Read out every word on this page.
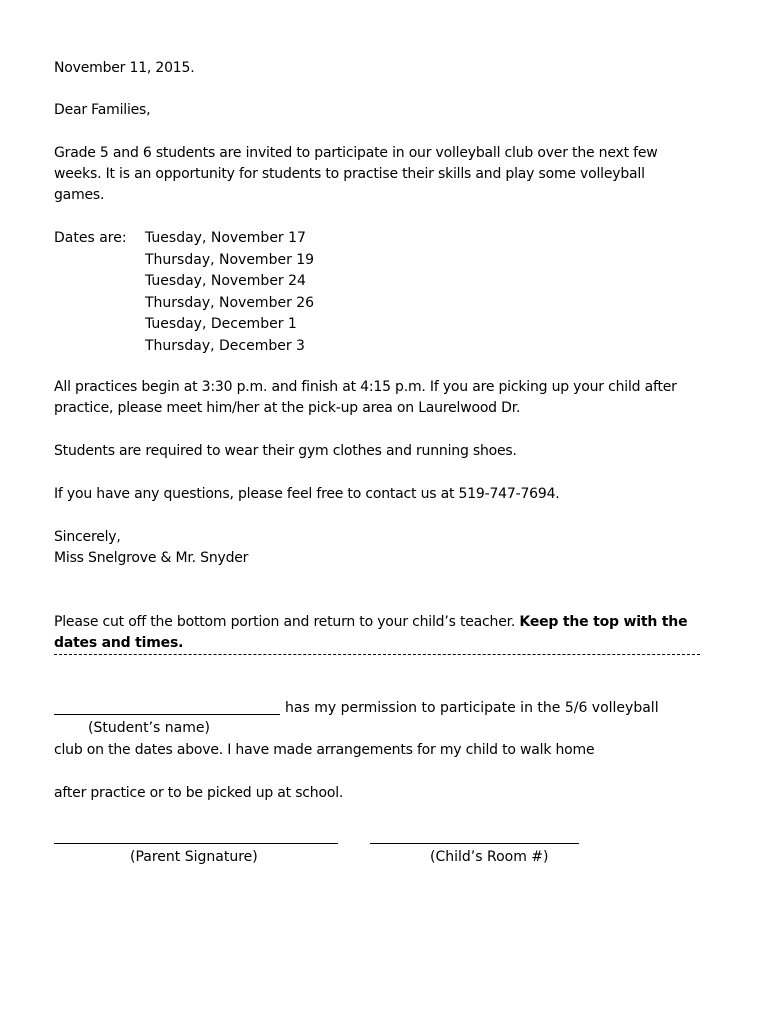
November 11, 2015.
Dear Families,
Grade 5 and 6 students are invited to participate in our volleyball club over the next few
weeks. It is an opportunity for students to practise their skills and play some volleyball
games.
Dates are: Tuesday, November 17
Thursday, November 19
Tuesday, November 24
Thursday, November 26
Tuesday, December 1
Thursday, December 3
All practices begin at 3:30 p.m. and finish at 4:15 p.m. If you are picking up your child after
practice, please meet him/her at the pick-up area on Laurelwood Dr.
Students are required to wear their gym clothes and running shoes.
If you have any questions, please feel free to contact us at 519-747-7694.
Sincerely,
Miss Snelgrove & Mr. Snyder
Please cut off the bottom portion and return to your child’s teacher. Keep the top with the
dates and times.
has my permission to participate in the 5/6 volleyball
(Student’s name)
club on the dates above. I have made arrangements for my child to walk home
after practice or to be picked up at school.
(Parent Signature)	(Child’s Room #)
